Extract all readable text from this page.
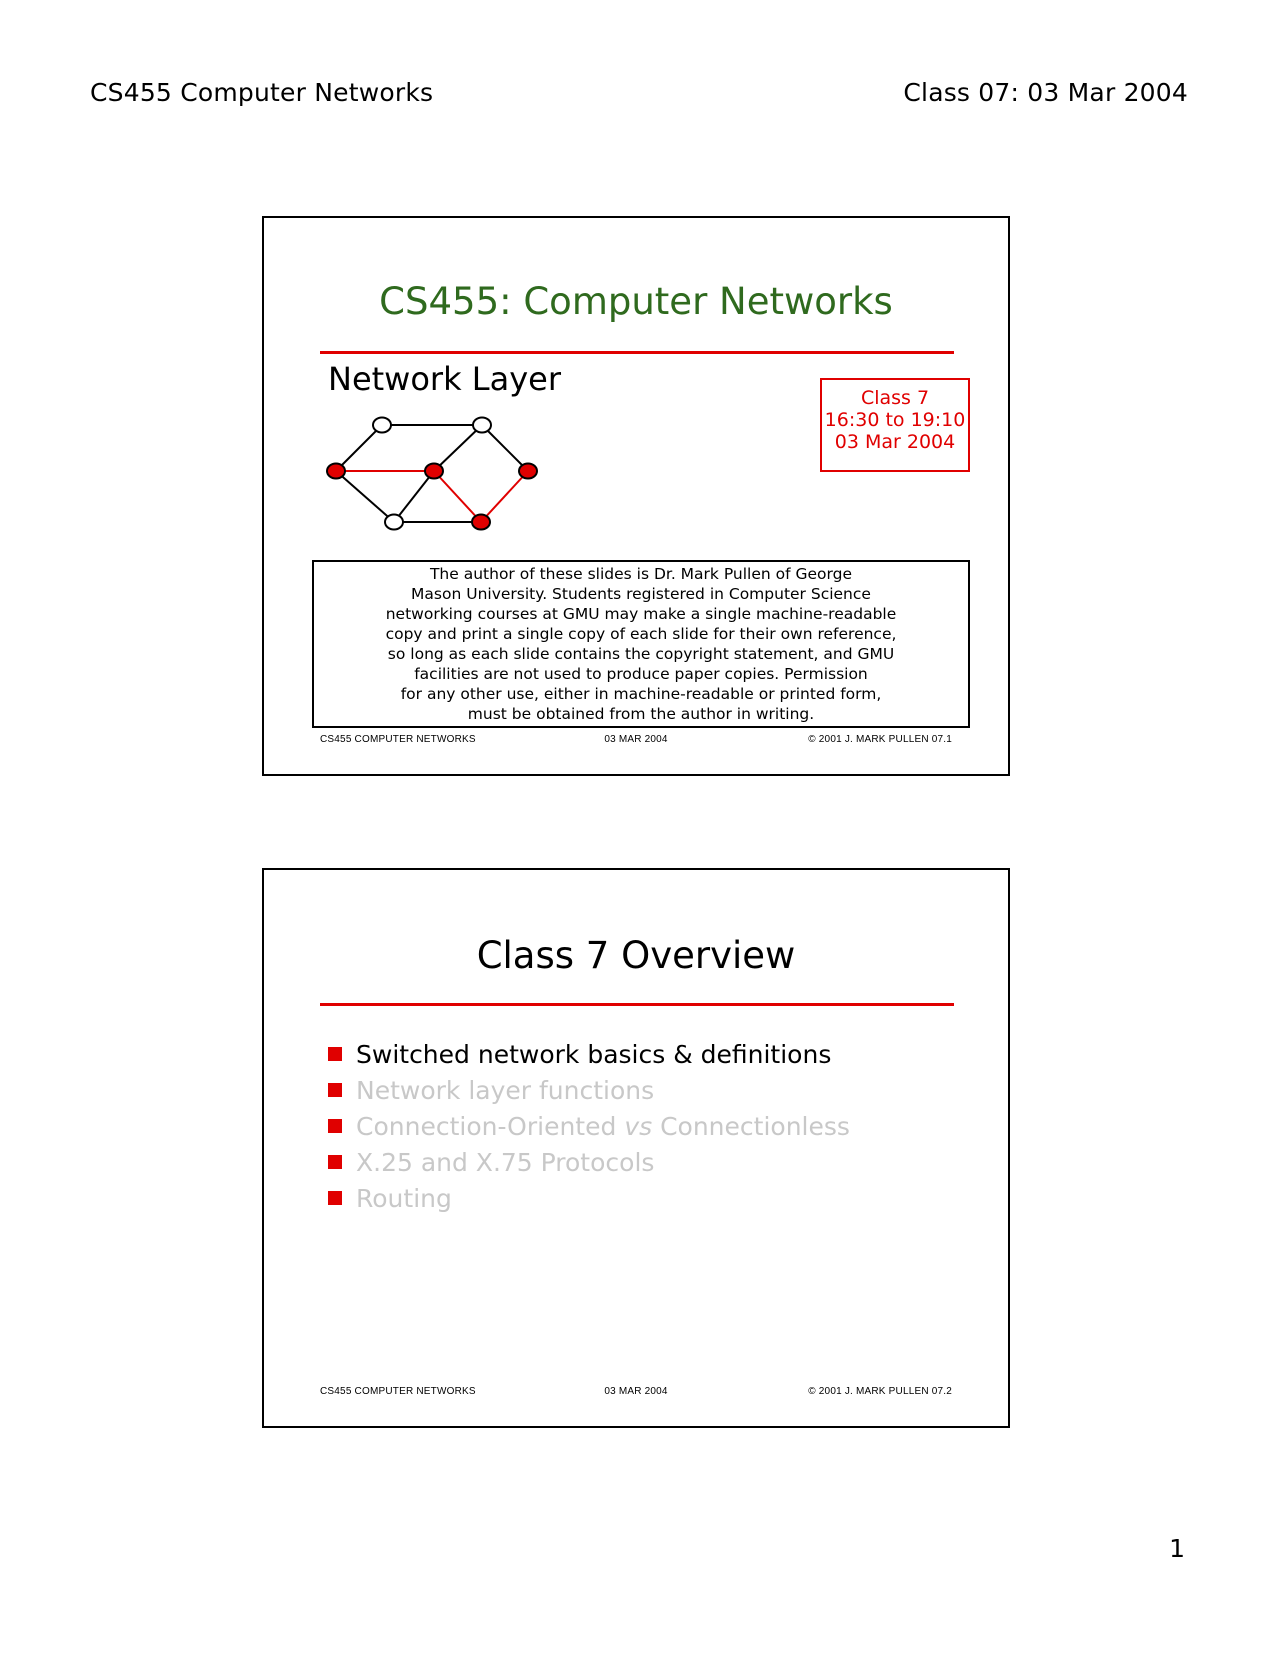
CS455 Computer Networks	Class 07: 03 Mar 2004
CS455: Computer Networks
Network Layer	Class 7
16:30 to 19:10
03 Mar 2004
The author of these slides is Dr. Mark Pullen of George
Mason University. Students registered in Computer Science
networking courses at GMU may make a single machine-readable
copy and print a single copy of each slide for their own reference,
so long as each slide contains the copyright statement, and GMU
facilities are not used to produce paper copies. Permission
for any other use, either in machine-readable or printed form,
must be obtained from the author in writing.
CS455 COMPUTER NETWORKS	03 MAR 2004	© 2001 J. MARK PULLEN 07.1
Class 7 Overview
Switched network basics & definitions
Network layer functions
Connection-Oriented vs Connectionless
X.25 and X.75 Protocols
Routing
CS455 COMPUTER NETWORKS	03 MAR 2004	© 2001 J. MARK PULLEN 07.2
1
